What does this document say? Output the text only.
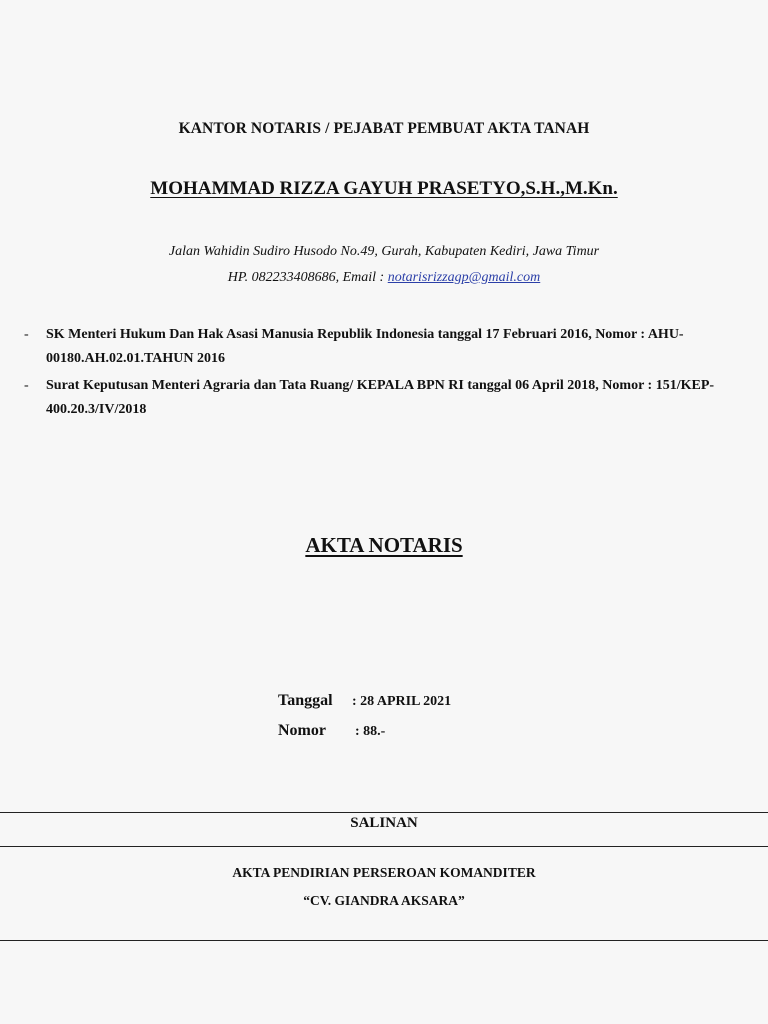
KANTOR NOTARIS / PEJABAT PEMBUAT AKTA TANAH
MOHAMMAD RIZZA GAYUH PRASETYO,S.H.,M.Kn.
Jalan Wahidin Sudiro Husodo No.49, Gurah, Kabupaten Kediri, Jawa Timur
HP. 082233408686, Email : notarisrizzagp@gmail.com
- SK Menteri Hukum Dan Hak Asasi Manusia Republik Indonesia tanggal 17 Februari 2016, Nomor : AHU-00180.AH.02.01.TAHUN 2016
- Surat Keputusan Menteri Agraria dan Tata Ruang/ KEPALA BPN RI tanggal 06 April 2018, Nomor : 151/KEP-400.20.3/IV/2018
AKTA NOTARIS
Tanggal : 28 APRIL 2021
Nomor : 88.-
SALINAN
AKTA PENDIRIAN PERSEROAN KOMANDITER
“CV. GIANDRA AKSARA”
